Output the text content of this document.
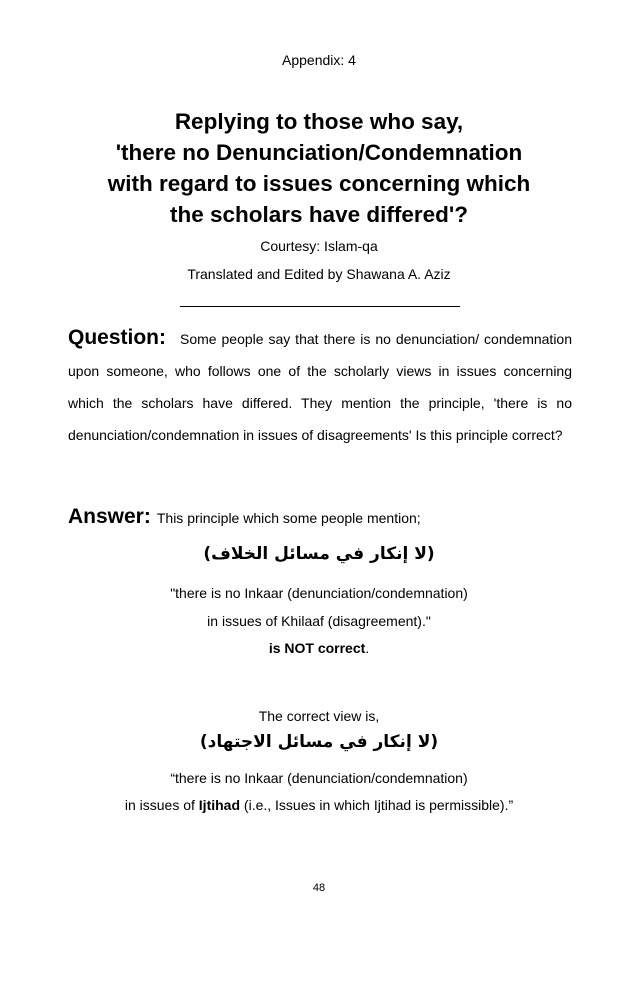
Appendix: 4
Replying to those who say,
'there no Denunciation/Condemnation
with regard to issues concerning which
the scholars have differed'?
Courtesy: Islam-qa
Translated and Edited by Shawana A. Aziz
Question: Some people say that there is no denunciation/ condemnation upon someone, who follows one of the scholarly views in issues concerning which the scholars have differed. They mention the principle, 'there is no denunciation/condemnation in issues of disagreements' Is this principle correct?
Answer: This principle which some people mention;
(لا إنكار في مسائل الخلاف)
"there is no Inkaar (denunciation/condemnation)
in issues of Khilaaf (disagreement)."
is NOT correct.
The correct view is,
(لا إنكار في مسائل الاجتهاد)
“there is no Inkaar (denunciation/condemnation)
in issues of Ijtihad (i.e., Issues in which Ijtihad is permissible).”
48
